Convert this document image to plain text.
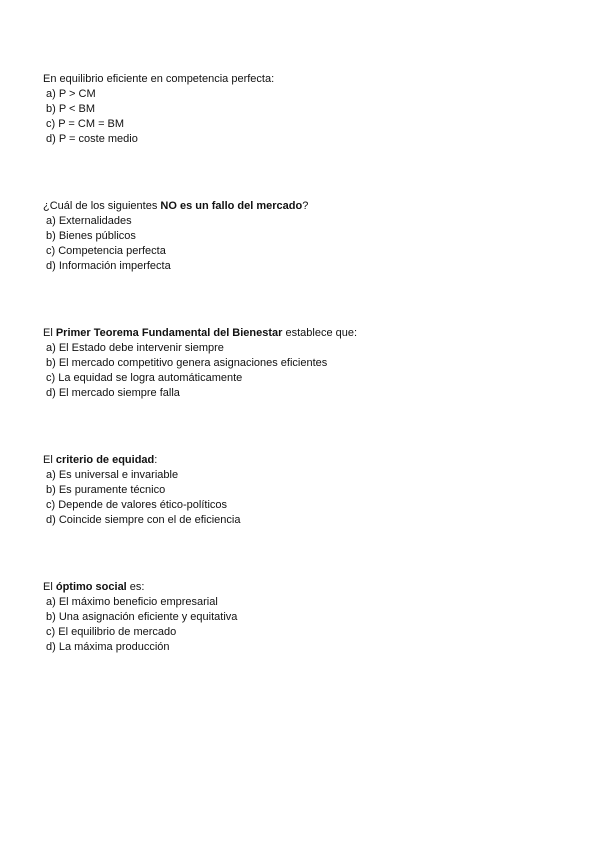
En equilibrio eficiente en competencia perfecta:
a) P > CM
b) P < BM
c) P = CM = BM
d) P = coste medio
¿Cuál de los siguientes NO es un fallo del mercado?
a) Externalidades
b) Bienes públicos
c) Competencia perfecta
d) Información imperfecta
El Primer Teorema Fundamental del Bienestar establece que:
a) El Estado debe intervenir siempre
b) El mercado competitivo genera asignaciones eficientes
c) La equidad se logra automáticamente
d) El mercado siempre falla
El criterio de equidad:
a) Es universal e invariable
b) Es puramente técnico
c) Depende de valores ético-políticos
d) Coincide siempre con el de eficiencia
El óptimo social es:
a) El máximo beneficio empresarial
b) Una asignación eficiente y equitativa
c) El equilibrio de mercado
d) La máxima producción
